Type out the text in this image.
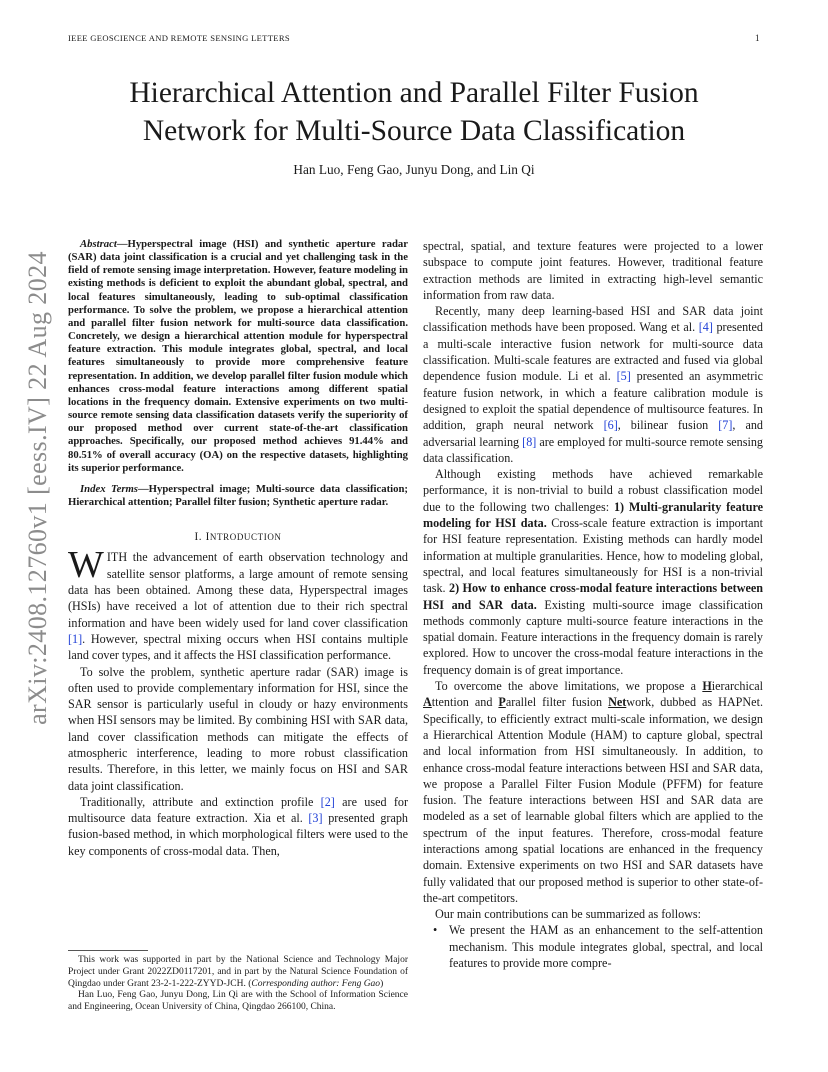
IEEE GEOSCIENCE AND REMOTE SENSING LETTERS	1
arXiv:2408.12760v1 [eess.IV] 22 Aug 2024
Hierarchical Attention and Parallel Filter Fusion
Network for Multi-Source Data Classification
Han Luo, Feng Gao, Junyu Dong, and Lin Qi

Abstract—Hyperspectral image (HSI) and synthetic aperture radar (SAR) data joint classification is a crucial and yet challenging task in the field of remote sensing image interpretation. However, feature modeling in existing methods is deficient to exploit the abundant global, spectral, and local features simultaneously, leading to sub-optimal classification performance. To solve the problem, we propose a hierarchical attention and parallel filter fusion network for multi-source data classification. Concretely, we design a hierarchical attention module for hyperspectral feature extraction. This module integrates global, spectral, and local features simultaneously to provide more comprehensive feature representation. In addition, we develop parallel filter fusion module which enhances cross-modal feature interactions among different spatial locations in the frequency domain. Extensive experiments on two multi-source remote sensing data classification datasets verify the superiority of our proposed method over current state-of-the-art classification approaches. Specifically, our proposed method achieves 91.44% and 80.51% of overall accuracy (OA) on the respective datasets, highlighting its superior performance.

Index Terms—Hyperspectral image; Multi-source data classification; Hierarchical attention; Parallel filter fusion; Synthetic aperture radar.

I. INTRODUCTION

WITH the advancement of earth observation technology and satellite sensor platforms, a large amount of remote sensing data has been obtained. Among these data, Hyperspectral images (HSIs) have received a lot of attention due to their rich spectral information and have been widely used for land cover classification [1]. However, spectral mixing occurs when HSI contains multiple land cover types, and it affects the HSI classification performance.

To solve the problem, synthetic aperture radar (SAR) image is often used to provide complementary information for HSI, since the SAR sensor is particularly useful in cloudy or hazy environments when HSI sensors may be limited. By combining HSI with SAR data, land cover classification methods can mitigate the effects of atmospheric interference, leading to more robust classification results. Therefore, in this letter, we mainly focus on HSI and SAR data joint classification.

Traditionally, attribute and extinction profile [2] are used for multisource data feature extraction. Xia et al. [3] presented graph fusion-based method, in which morphological filters were used to the key components of cross-modal data. Then,

This work was supported in part by the National Science and Technology Major Project under Grant 2022ZD0117201, and in part by the Natural Science Foundation of Qingdao under Grant 23-2-1-222-ZYYD-JCH. (Corresponding author: Feng Gao)

Han Luo, Feng Gao, Junyu Dong, Lin Qi are with the School of Information Science and Engineering, Ocean University of China, Qingdao 266100, China.

spectral, spatial, and texture features were projected to a lower subspace to compute joint features. However, traditional feature extraction methods are limited in extracting high-level semantic information from raw data.

Recently, many deep learning-based HSI and SAR data joint classification methods have been proposed. Wang et al. [4] presented a multi-scale interactive fusion network for multi-source data classification. Multi-scale features are extracted and fused via global dependence fusion module. Li et al. [5] presented an asymmetric feature fusion network, in which a feature calibration module is designed to exploit the spatial dependence of multisource features. In addition, graph neural network [6], bilinear fusion [7], and adversarial learning [8] are employed for multi-source remote sensing data classification.

Although existing methods have achieved remarkable performance, it is non-trivial to build a robust classification model due to the following two challenges: 1) Multi-granularity feature modeling for HSI data. Cross-scale feature extraction is important for HSI feature representation. Existing methods can hardly model information at multiple granularities. Hence, how to modeling global, spectral, and local features simultaneously for HSI is a non-trivial task. 2) How to enhance cross-modal feature interactions between HSI and SAR data. Existing multi-source image classification methods commonly capture multi-source feature interactions in the spatial domain. Feature interactions in the frequency domain is rarely explored. How to uncover the cross-modal feature interactions in the frequency domain is of great importance.

To overcome the above limitations, we propose a Hierarchical Attention and Parallel filter fusion Network, dubbed as HAPNet. Specifically, to efficiently extract multi-scale information, we design a Hierarchical Attention Module (HAM) to capture global, spectral and local information from HSI simultaneously. In addition, to enhance cross-modal feature interactions between HSI and SAR data, we propose a Parallel Filter Fusion Module (PFFM) for feature fusion. The feature interactions between HSI and SAR data are modeled as a set of learnable global filters which are applied to the spectrum of the input features. Therefore, cross-modal feature interactions among spatial locations are enhanced in the frequency domain. Extensive experiments on two HSI and SAR datasets have fully validated that our proposed method is superior to other state-of-the-art competitors.

Our main contributions can be summarized as follows:

• We present the HAM as an enhancement to the self-attention mechanism. This module integrates global, spectral, and local features to provide more compre-
